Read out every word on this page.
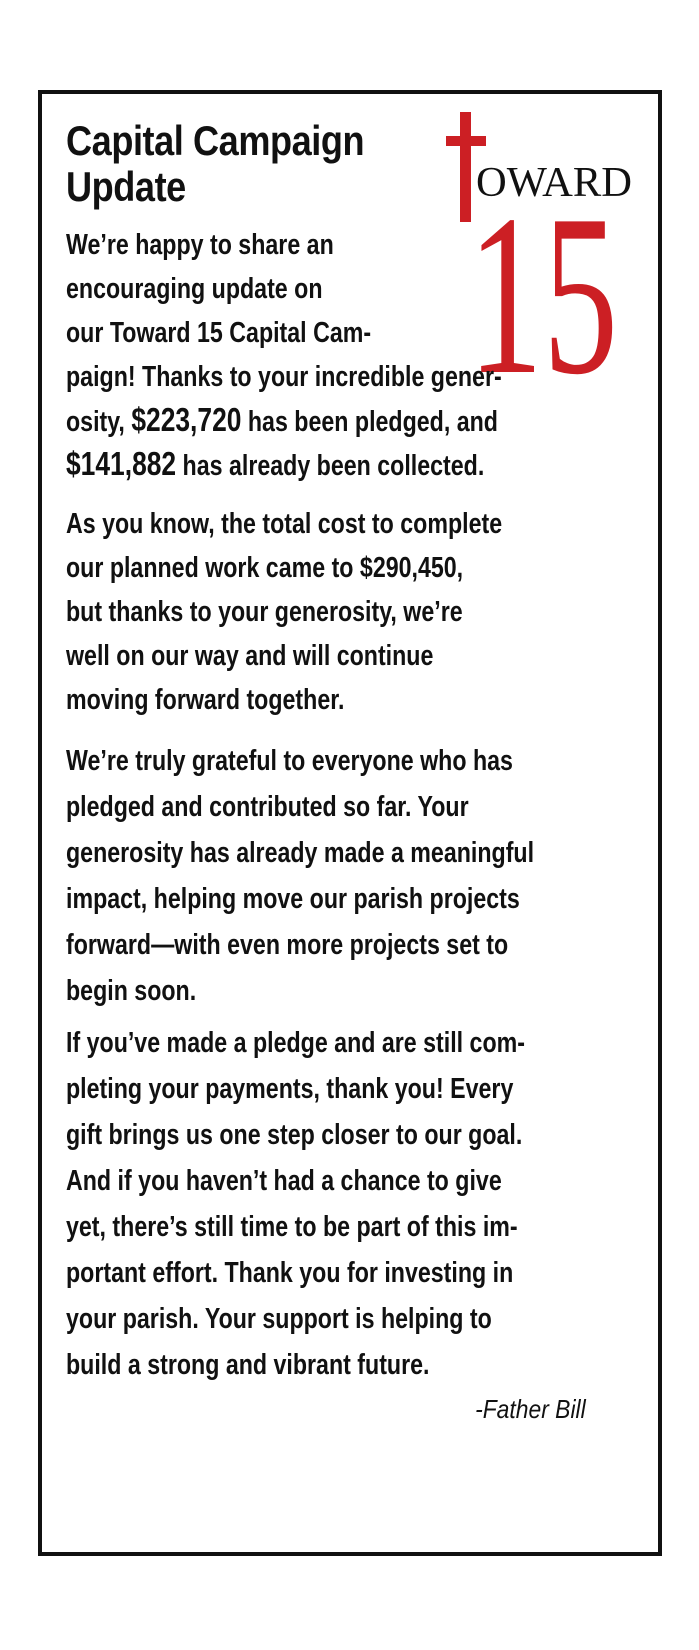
OWARD
15
Capital Campaign
Update

We’re happy to share an

encouraging update on

our Toward 15 Capital Cam-

paign! Thanks to your incredible gener-

osity, $223,720 has been pledged, and

$141,882 has already been collected.

As you know, the total cost to complete

our planned work came to $290,450,

but thanks to your generosity, we’re

well on our way and will continue

moving forward together.

We’re truly grateful to everyone who has

pledged and contributed so far. Your

generosity has already made a meaningful

impact, helping move our parish projects

forward—with even more projects set to

begin soon.

If you’ve made a pledge and are still com-

pleting your payments, thank you! Every

gift brings us one step closer to our goal.

And if you haven’t had a chance to give

yet, there’s still time to be part of this im-

portant effort. Thank you for investing in

your parish. Your support is helping to

build a strong and vibrant future.

-Father Bill
